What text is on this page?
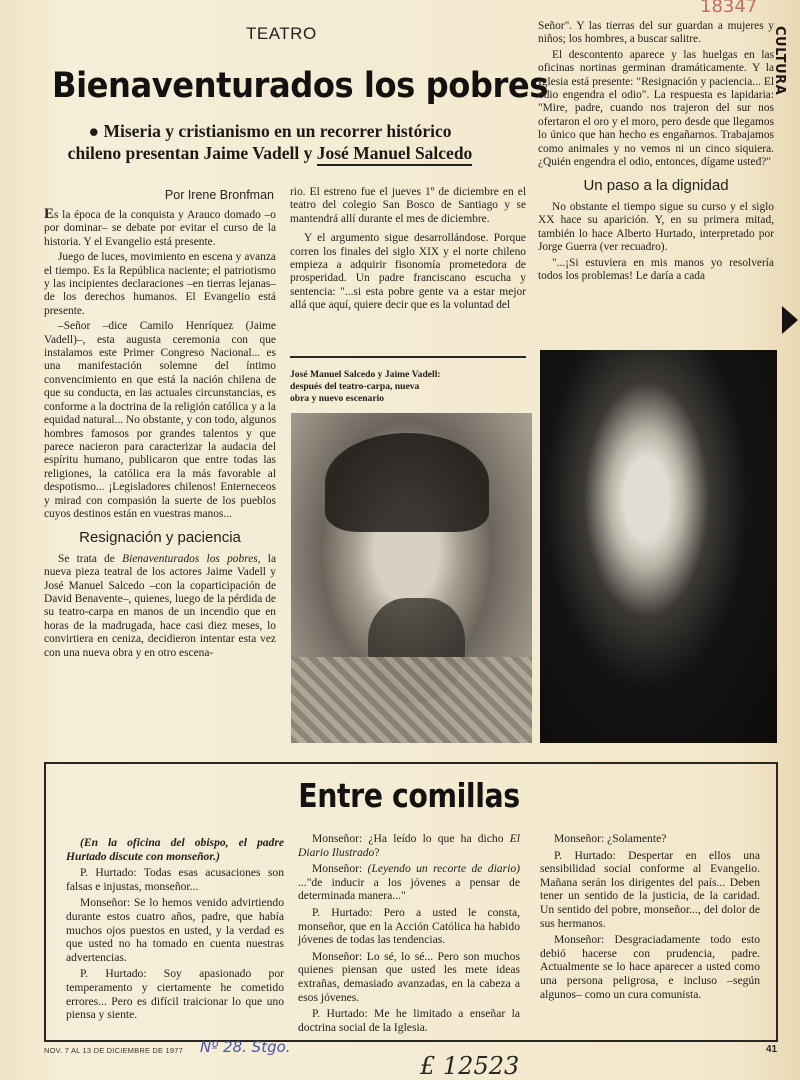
TEATRO
18347
Bienaventurados los pobres
● Miseria y cristianismo en un recorrer histórico
chileno presentan Jaime Vadell y José Manuel Salcedo
CULTURA
Por Irene Bronfman

Es la época de la conquista y Arauco domado –o por dominar– se debate por evitar el curso de la historia. Y el Evangelio está presente.

Juego de luces, movimiento en escena y avanza el tiempo. Es la República naciente; el patriotismo y las incipientes declaraciones –en tierras lejanas– de los derechos humanos. El Evangelio está presente.

–Señor –dice Camilo Henríquez (Jaime Vadell)–, esta augusta ceremonia con que instalamos este Primer Congreso Nacional... es una manifestación solemne del íntimo convencimiento en que está la nación chilena de que su conducta, en las actuales circunstancias, es conforme a la doctrina de la religión católica y a la equidad natural... No obstante, y con todo, algunos hombres famosos por grandes talentos y que parece nacieron para caracterizar la audacia del espíritu humano, publicaron que entre todas las religiones, la católica era la más favorable al despotismo... ¡Legisladores chilenos! Enterneceos y mirad con compasión la suerte de los pueblos cuyos destinos están en vuestras manos...

Resignación y paciencia

Se trata de Bienaventurados los pobres, la nueva pieza teatral de los actores Jaime Vadell y José Manuel Salcedo –con la coparticipación de David Benavente–, quienes, luego de la pérdida de su teatro-carpa en manos de un incendio que en horas de la madrugada, hace casi diez meses, lo convirtiera en ceniza, decidieron intentar esta vez con una nueva obra y en otro escena-

rio. El estreno fue el jueves 1º de diciembre en el teatro del colegio San Bosco de Santiago y se mantendrá allí durante el mes de diciembre.

Y el argumento sigue desarrollándose. Porque corren los finales del siglo XIX y el norte chileno empieza a adquirir fisonomía prometedora de prosperidad. Un padre franciscano escucha y sentencia: "...si esta pobre gente va a estar mejor allá que aquí, quiere decir que es la voluntad del

José Manuel Salcedo y Jaime Vadell:
después del teatro-carpa, nueva
obra y nuevo escenario

Señor". Y las tierras del sur guardan a mujeres y niños; los hombres, a buscar salitre.

El descontento aparece y las huelgas en las oficinas nortinas germinan dramáticamente. Y la Iglesia está presente: "Resignación y paciencia... El odio engendra el odio". La respuesta es lapidaria: "Mire, padre, cuando nos trajeron del sur nos ofertaron el oro y el moro, pero desde que llegamos lo único que han hecho es engañarnos. Trabajamos como animales y no vemos ni un cinco siquiera. ¿Quién engendra el odio, entonces, dígame usted?"

Un paso a la dignidad

No obstante el tiempo sigue su curso y el siglo XX hace su aparición. Y, en su primera mitad, también lo hace Alberto Hurtado, interpretado por Jorge Guerra (ver recuadro).

"...¡Si estuviera en mis manos yo resolvería todos los problemas! Le daría a cada

Entre comillas

(En la oficina del obispo, el padre Hurtado discute con monseñor.)

P. Hurtado: Todas esas acusaciones son falsas e injustas, monseñor...

Monseñor: Se lo hemos venido advirtiendo durante estos cuatro años, padre, que había muchos ojos puestos en usted, y la verdad es que usted no ha tomado en cuenta nuestras advertencias.

P. Hurtado: Soy apasionado por temperamento y ciertamente he cometido errores... Pero es difícil traicionar lo que uno piensa y siente.

Monseñor: ¿Ha leído lo que ha dicho El Diario Ilustrado?

Monseñor: (Leyendo un recorte de diario) ..."de inducir a los jóvenes a pensar de determinada manera..."

P. Hurtado: Pero a usted le consta, monseñor, que en la Acción Católica ha habido jóvenes de todas las tendencias.

Monseñor: Lo sé, lo sé... Pero son muchos quienes piensan que usted les mete ideas extrañas, demasiado avanzadas, en la cabeza a esos jóvenes.

P. Hurtado: Me he limitado a enseñar la doctrina social de la Iglesia.

Monseñor: ¿Solamente?

P. Hurtado: Despertar en ellos una sensibilidad social conforme al Evangelio. Mañana serán los dirigentes del país... Deben tener un sentido de la justicia, de la caridad. Un sentido del pobre, monseñor..., del dolor de sus hermanos.

Monseñor: Desgraciadamente todo esto debió hacerse con prudencia, padre. Actualmente se lo hace aparecer a usted como una persona peligrosa, e incluso –según algunos– como un cura comunista.

NOV. 7 AL 13 DE DICIEMBRE DE 1977 Nº 28. Stgo.
£ 12523
41
